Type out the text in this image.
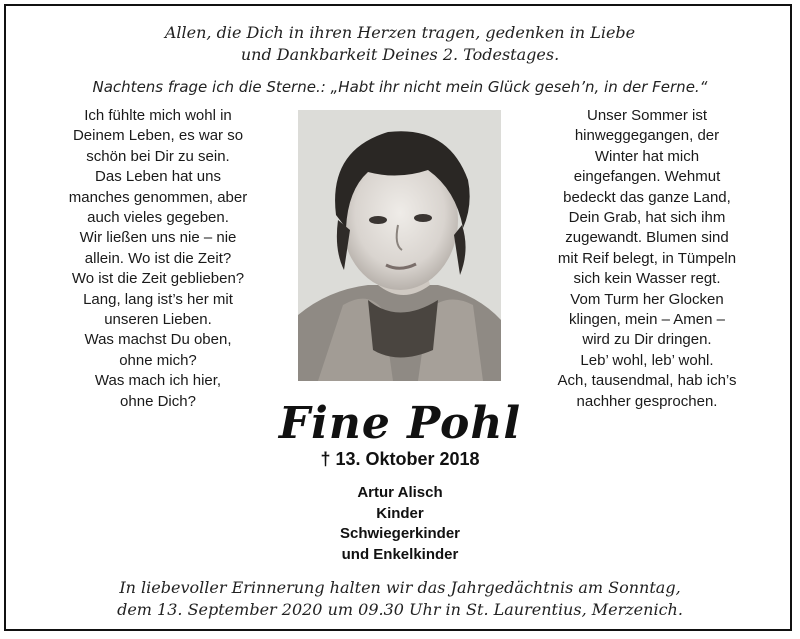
Allen, die Dich in ihren Herzen tragen, gedenken in Liebe
und Dankbarkeit Deines 2. Todestages.
Nachtens frage ich die Sterne.: „Habt ihr nicht mein Glück geseh’n, in der Ferne.“
Ich fühlte mich wohl in
Deinem Leben, es war so
schön bei Dir zu sein.
Das Leben hat uns
manches genommen, aber
auch vieles gegeben.
Wir ließen uns nie – nie
allein. Wo ist die Zeit?
Wo ist die Zeit geblieben?
Lang, lang ist’s her mit
unseren Lieben.
Was machst Du oben,
ohne mich?
Was mach ich hier,
ohne Dich?
Unser Sommer ist
hinweggegangen, der
Winter hat mich
eingefangen. Wehmut
bedeckt das ganze Land,
Dein Grab, hat sich ihm
zugewandt. Blumen sind
mit Reif belegt, in Tümpeln
sich kein Wasser regt.
Vom Turm her Glocken
klingen, mein – Amen –
wird zu Dir dringen.
Leb’ wohl, leb’ wohl.
Ach, tausendmal, hab ich’s
nachher gesprochen.
Fine Pohl
† 13. Oktober 2018
Artur Alisch
Kinder
Schwiegerkinder
und Enkelkinder
In liebevoller Erinnerung halten wir das Jahrgedächtnis am Sonntag,
dem 13. September 2020 um 09.30 Uhr in St. Laurentius, Merzenich.
